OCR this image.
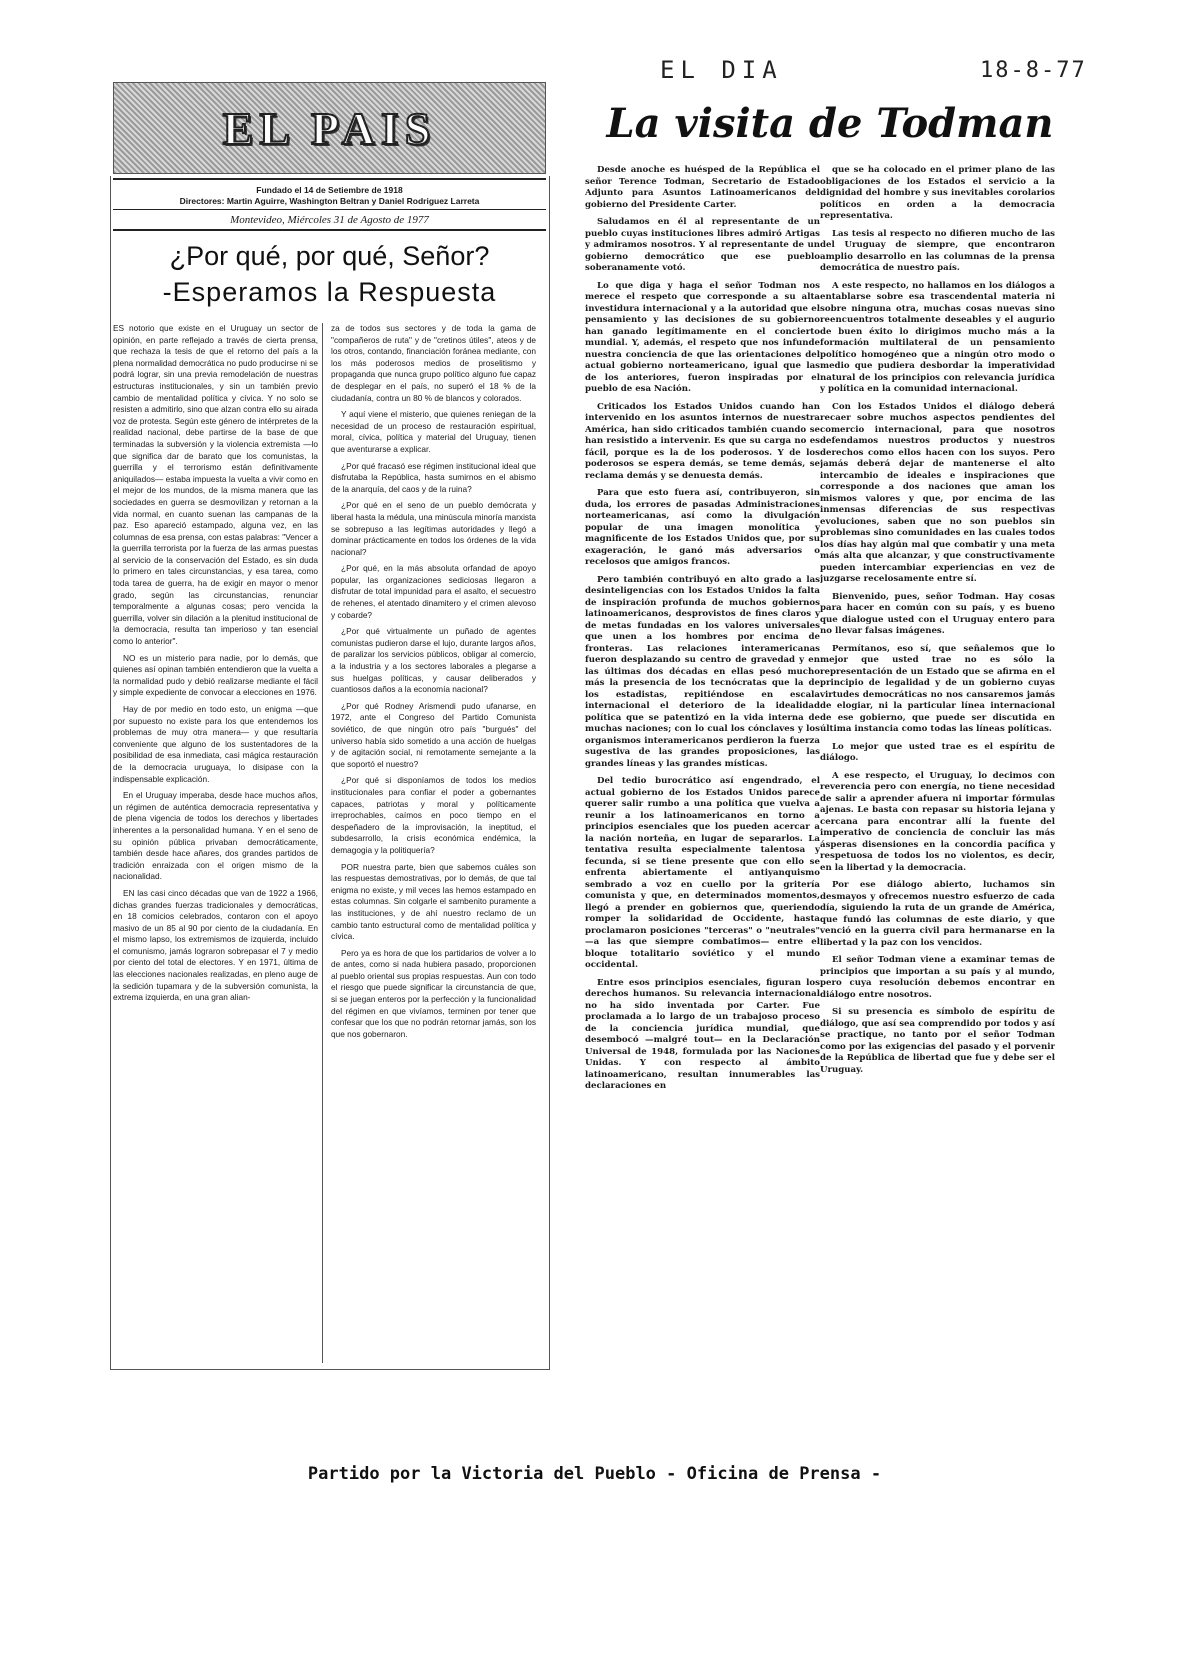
EL PAIS
Fundado el 14 de Setiembre de 1918
Directores: Martin Aguirre, Washington Beltran y Daniel Rodriguez Larreta
Montevideo, Miércoles 31 de Agosto de 1977
¿Por qué, por qué, Señor?
-Esperamos la Respuesta

ES notorio que existe en el Uruguay un sector de opinión, en parte reflejado a través de cierta prensa, que rechaza la tesis de que el retorno del país a la plena normalidad democrática no pudo producirse ni se podrá lograr, sin una previa remodelación de nuestras estructuras institucionales, y sin un también previo cambio de mentalidad política y cívica. Y no solo se resisten a admitirlo, sino que alzan contra ello su airada voz de protesta. Según este género de intérpretes de la realidad nacional, debe partirse de la base de que terminadas la subversión y la violencia extremista —lo que significa dar de barato que los comunistas, la guerrilla y el terrorismo están definitivamente aniquilados— estaba impuesta la vuelta a vivir como en el mejor de los mundos, de la misma manera que las sociedades en guerra se desmovilizan y retornan a la vida normal, en cuanto suenan las campanas de la paz. Eso apareció estampado, alguna vez, en las columnas de esa prensa, con estas palabras: "Vencer a la guerrilla terrorista por la fuerza de las armas puestas al servicio de la conservación del Estado, es sin duda lo primero en tales circunstancias, y esa tarea, como toda tarea de guerra, ha de exigir en mayor o menor grado, según las circunstancias, renunciar temporalmente a algunas cosas; pero vencida la guerrilla, volver sin dilación a la plenitud institucional de la democracia, resulta tan imperioso y tan esencial como lo anterior".

NO es un misterio para nadie, por lo demás, que quienes así opinan también entendieron que la vuelta a la normalidad pudo y debió realizarse mediante el fácil y simple expediente de convocar a elecciones en 1976.

Hay de por medio en todo esto, un enigma —que por supuesto no existe para los que entendemos los problemas de muy otra manera— y que resultaría conveniente que alguno de los sustentadores de la posibilidad de esa inmediata, casi mágica restauración de la democracia uruguaya, lo disipase con la indispensable explicación.

En el Uruguay imperaba, desde hace muchos años, un régimen de auténtica democracia representativa y de plena vigencia de todos los derechos y libertades inherentes a la personalidad humana. Y en el seno de su opinión pública privaban democráticamente, también desde hace añares, dos grandes partidos de tradición enraizada con el origen mismo de la nacionalidad.

EN las casi cinco décadas que van de 1922 a 1966, dichas grandes fuerzas tradicionales y democráticas, en 18 comicios celebrados, contaron con el apoyo masivo de un 85 al 90 por ciento de la ciudadanía. En el mismo lapso, los extremismos de izquierda, incluido el comunismo, jamás lograron sobrepasar el 7 y medio por ciento del total de electores. Y en 1971, última de las elecciones nacionales realizadas, en pleno auge de la sedición tupamara y de la subversión comunista, la extrema izquierda, en una gran alian-

za de todos sus sectores y de toda la gama de "compañeros de ruta" y de "cretinos útiles", ateos y de los otros, contando, financiación foránea mediante, con los más poderosos medios de proselitismo y propaganda que nunca grupo político alguno fue capaz de desplegar en el país, no superó el 18 % de la ciudadanía, contra un 80 % de blancos y colorados.

Y aquí viene el misterio, que quienes reniegan de la necesidad de un proceso de restauración espiritual, moral, cívica, política y material del Uruguay, tienen que aventurarse a explicar.

¿Por qué fracasó ese régimen institucional ideal que disfrutaba la República, hasta sumirnos en el abismo de la anarquía, del caos y de la ruina?

¿Por qué en el seno de un pueblo demócrata y liberal hasta la médula, una minúscula minoría marxista se sobrepuso a las legítimas autoridades y llegó a dominar prácticamente en todos los órdenes de la vida nacional?

¿Por qué, en la más absoluta orfandad de apoyo popular, las organizaciones sediciosas llegaron a disfrutar de total impunidad para el asalto, el secuestro de rehenes, el atentado dinamitero y el crimen alevoso y cobarde?

¿Por qué virtualmente un puñado de agentes comunistas pudieron darse el lujo, durante largos años, de paralizar los servicios públicos, obligar al comercio, a la industria y a los sectores laborales a plegarse a sus huelgas políticas, y causar deliberados y cuantiosos daños a la economía nacional?

¿Por qué Rodney Arismendi pudo ufanarse, en 1972, ante el Congreso del Partido Comunista soviético, de que ningún otro país "burgués" del universo había sido sometido a una acción de huelgas y de agitación social, ni remotamente semejante a la que soportó el nuestro?

¿Por qué si disponíamos de todos los medios institucionales para confiar el poder a gobernantes capaces, patriotas y moral y políticamente irreprochables, caímos en poco tiempo en el despeñadero de la improvisación, la ineptitud, el subdesarrollo, la crisis económica endémica, la demagogia y la politiquería?

POR nuestra parte, bien que sabemos cuáles son las respuestas demostrativas, por lo demás, de que tal enigma no existe, y mil veces las hemos estampado en estas columnas. Sin colgarle el sambenito puramente a las instituciones, y de ahí nuestro reclamo de un cambio tanto estructural como de mentalidad política y cívica.

Pero ya es hora de que los partidarios de volver a lo de antes, como si nada hubiera pasado, proporcionen al pueblo oriental sus propias respuestas. Aun con todo el riesgo que puede significar la circunstancia de que, si se juegan enteros por la perfección y la funcionalidad del régimen en que vivíamos, terminen por tener que confesar que los que no podrán retornar jamás, son los que nos gobernaron.

EL DIA	18-8-77
La visita de Todman

Desde anoche es huésped de la República el señor Terence Todman, Secretario de Estado Adjunto para Asuntos Latinoamericanos del gobierno del Presidente Carter.

Saludamos en él al representante de un pueblo cuyas instituciones libres admiró Artigas y admiramos nosotros. Y al representante de un gobierno democrático que ese pueblo soberanamente votó.

Lo que diga y haga el señor Todman nos merece el respeto que corresponde a su alta investidura internacional y a la autoridad que el pensamiento y las decisiones de su gobierno han ganado legítimamente en el concierto mundial. Y, además, el respeto que nos infunde nuestra conciencia de que las orientaciones del actual gobierno norteamericano, igual que las de los anteriores, fueron inspiradas por el pueblo de esa Nación.

Criticados los Estados Unidos cuando han intervenido en los asuntos internos de nuestra América, han sido criticados también cuando se han resistido a intervenir. Es que su carga no es fácil, porque es la de los poderosos. Y de los poderosos se espera demás, se teme demás, se reclama demás y se denuesta demás.

Para que esto fuera así, contribuyeron, sin duda, los errores de pasadas Administraciones norteamericanas, así como la divulgación popular de una imagen monolítica y magnificente de los Estados Unidos que, por su exageración, le ganó más adversarios o recelosos que amigos francos.

Pero también contribuyó en alto grado a las desinteligencias con los Estados Unidos la falta de inspiración profunda de muchos gobiernos latinoamericanos, desprovistos de fines claros y de metas fundadas en los valores universales que unen a los hombres por encima de fronteras. Las relaciones interamericanas fueron desplazando su centro de gravedad y en las últimas dos décadas en ellas pesó mucho más la presencia de los tecnócratas que la de los estadistas, repitiéndose en escala internacional el deterioro de la idealidad política que se patentizó en la vida interna de muchas naciones; con lo cual los cónclaves y los organismos interamericanos perdieron la fuerza sugestiva de las grandes proposiciones, las grandes líneas y las grandes místicas.

Del tedio burocrático así engendrado, el actual gobierno de los Estados Unidos parece querer salir rumbo a una política que vuelva a reunir a los latinoamericanos en torno a principios esenciales que los pueden acercar a la nación norteña, en lugar de separarlos. La tentativa resulta especialmente talentosa y fecunda, si se tiene presente que con ello se enfrenta abiertamente el antiyanquismo sembrado a voz en cuello por la gritería comunista y que, en determinados momentos, llegó a prender en gobiernos que, queriendo romper la solidaridad de Occidente, hasta proclamaron posiciones "terceras" o "neutrales" —a las que siempre combatimos— entre el bloque totalitario soviético y el mundo occidental.

Entre esos principios esenciales, figuran los derechos humanos. Su relevancia internacional no ha sido inventada por Carter. Fue proclamada a lo largo de un trabajoso proceso de la conciencia jurídica mundial, que desembocó —malgré tout— en la Declaración Universal de 1948, formulada por las Naciones Unidas. Y con respecto al ámbito latinoamericano, resultan innumerables las declaraciones en

que se ha colocado en el primer plano de las obligaciones de los Estados el servicio a la dignidad del hombre y sus inevitables corolarios políticos en orden a la democracia representativa.

Las tesis al respecto no difieren mucho de las del Uruguay de siempre, que encontraron amplio desarrollo en las columnas de la prensa democrática de nuestro país.

A este respecto, no hallamos en los diálogos a entablarse sobre esa trascendental materia ni sobre ninguna otra, muchas cosas nuevas sino reencuentros totalmente deseables y el augurio de buen éxito lo dirigimos mucho más a la formación multilateral de un pensamiento político homogéneo que a ningún otro modo o medio que pudiera desbordar la imperatividad natural de los principios con relevancia jurídica y política en la comunidad internacional.

Con los Estados Unidos el diálogo deberá recaer sobre muchos aspectos pendientes del comercio internacional, para que nosotros defendamos nuestros productos y nuestros derechos como ellos hacen con los suyos. Pero jamás deberá dejar de mantenerse el alto intercambio de ideales e inspiraciones que corresponde a dos naciones que aman los mismos valores y que, por encima de las inmensas diferencias de sus respectivas evoluciones, saben que no son pueblos sin problemas sino comunidades en las cuales todos los días hay algún mal que combatir y una meta más alta que alcanzar, y que constructivamente pueden intercambiar experiencias en vez de juzgarse recelosamente entre sí.

Bienvenido, pues, señor Todman. Hay cosas para hacer en común con su país, y es bueno que dialogue usted con el Uruguay entero para no llevar falsas imágenes.

Permítanos, eso sí, que señalemos que lo mejor que usted trae no es sólo la representación de un Estado que se afirma en el principio de legalidad y de un gobierno cuyas virtudes democráticas no nos cansaremos jamás de elogiar, ni la particular línea internacional de ese gobierno, que puede ser discutida en última instancia como todas las líneas políticas.

Lo mejor que usted trae es el espíritu de diálogo.

A ese respecto, el Uruguay, lo decimos con reverencia pero con energía, no tiene necesidad de salir a aprender afuera ni importar fórmulas ajenas. Le basta con repasar su historia lejana y cercana para encontrar allí la fuente del imperativo de conciencia de concluir las más ásperas disensiones en la concordia pacífica y respetuosa de todos los no violentos, es decir, en la libertad y la democracia.

Por ese diálogo abierto, luchamos sin desmayos y ofrecemos nuestro esfuerzo de cada día, siguiendo la ruta de un grande de América, que fundó las columnas de este diario, y que venció en la guerra civil para hermanarse en la libertad y la paz con los vencidos.

El señor Todman viene a examinar temas de principios que importan a su país y al mundo, pero cuya resolución debemos encontrar en diálogo entre nosotros.

Si su presencia es símbolo de espíritu de diálogo, que así sea comprendido por todos y así se practique, no tanto por el señor Todman como por las exigencias del pasado y el porvenir de la República de libertad que fue y debe ser el Uruguay.

Partido por la Victoria del Pueblo - Oficina de Prensa -
